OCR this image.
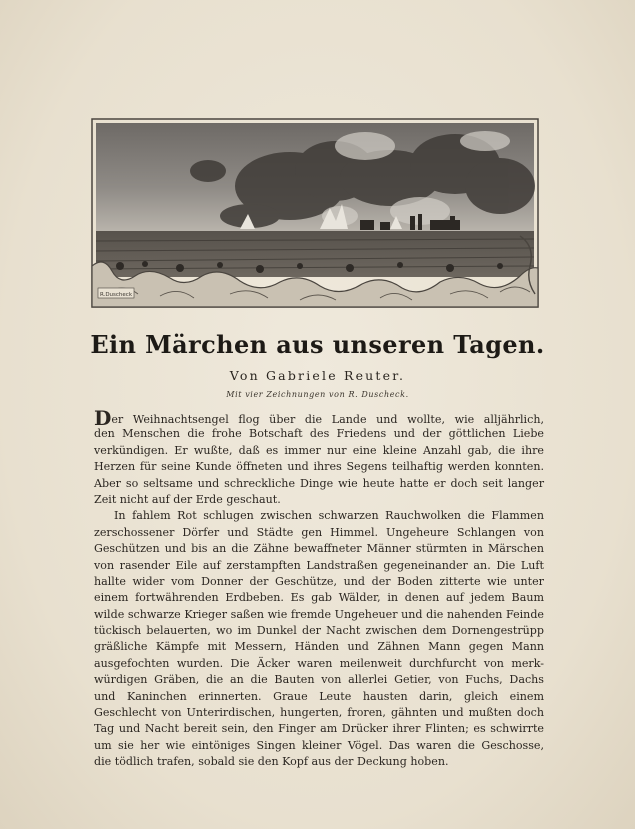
R.Duscheck
Ein Märchen aus unseren Tagen.
Von Gabriele Reuter.
Mit vier Zeichnungen von R. Duscheck.
Der Weihnachtsengel flog über die Lande und wollte, wie alljährlich,
den Menschen die frohe Botschaft des Friedens und der göttlichen Liebe
verkündigen. Er wußte, daß es immer nur eine kleine Anzahl gab, die ihre
Herzen für seine Kunde öffneten und ihres Segens teilhaftig werden konnten.
Aber so seltsame und schreckliche Dinge wie heute hatte er doch seit langer
Zeit nicht auf der Erde geschaut.
In fahlem Rot schlugen zwischen schwarzen Rauchwolken die Flammen
zerschossener Dörfer und Städte gen Himmel. Ungeheure Schlangen von
Geschützen und bis an die Zähne bewaffneter Männer stürmten in Märschen
von rasender Eile auf zerstampften Landstraßen gegeneinander an. Die Luft
hallte wider vom Donner der Geschütze, und der Boden zitterte wie unter
einem fortwährenden Erdbeben. Es gab Wälder, in denen auf jedem Baum
wilde schwarze Krieger saßen wie fremde Ungeheuer und die nahenden Feinde
tückisch belauerten, wo im Dunkel der Nacht zwischen dem Dornengestrüpp
gräßliche Kämpfe mit Messern, Händen und Zähnen Mann gegen Mann
ausgefochten wurden. Die Äcker waren meilenweit durchfurcht von merk-
würdigen Gräben, die an die Bauten von allerlei Getier, von Fuchs, Dachs
und Kaninchen erinnerten. Graue Leute hausten darin, gleich einem
Geschlecht von Unterirdischen, hungerten, froren, gähnten und mußten doch
Tag und Nacht bereit sein, den Finger am Drücker ihrer Flinten; es schwirrte
um sie her wie eintöniges Singen kleiner Vögel. Das waren die Geschosse,
die tödlich trafen, sobald sie den Kopf aus der Deckung hoben.
